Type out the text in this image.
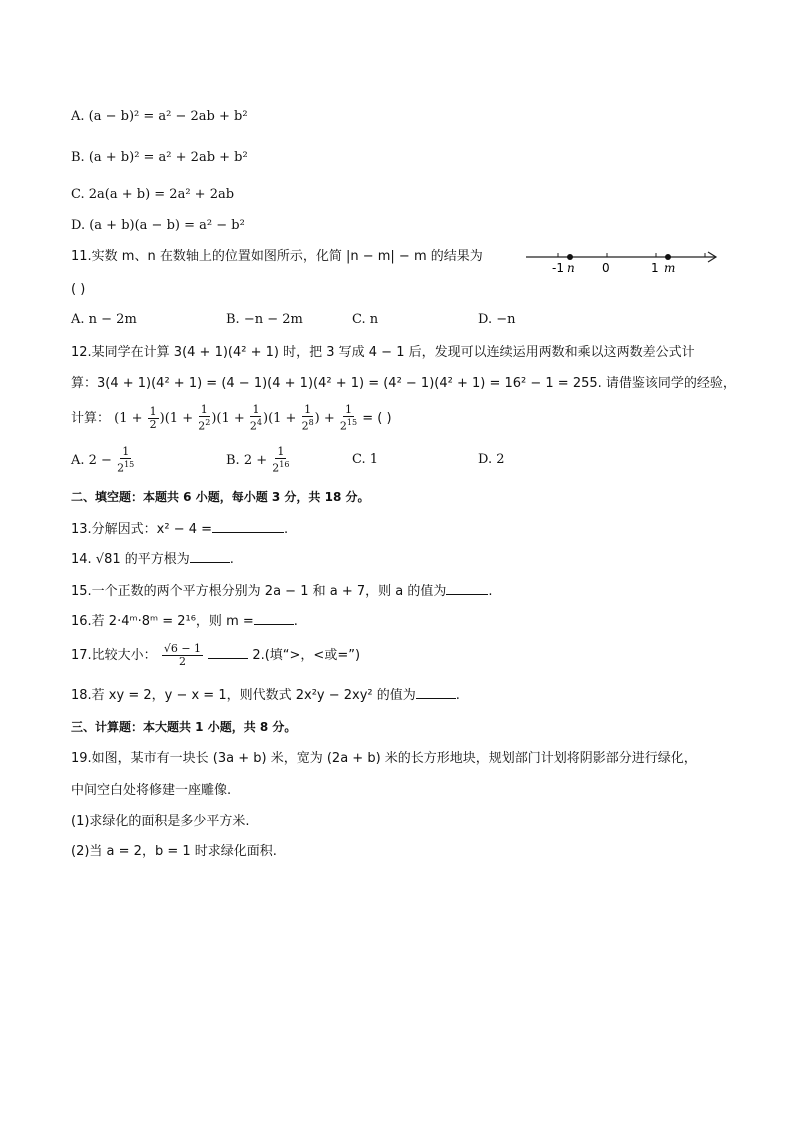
A. (a − b)² = a² − 2ab + b²
B. (a + b)² = a² + 2ab + b²
C. 2a(a + b) = 2a² + 2ab
D. (a + b)(a − b) = a² − b²
11.实数 m、n 在数轴上的位置如图所示，化简 |n − m| − m 的结果为
-1	0	1
n	m
( )
A. n − 2m	B. −n − 2m	C. n	D. −n
12.某同学在计算 3(4 + 1)(4² + 1) 时，把 3 写成 4 − 1 后，发现可以连续运用两数和乘以这两数差公式计
算：3(4 + 1)(4² + 1) = (4 − 1)(4 + 1)(4² + 1) = (4² − 1)(4² + 1) = 16² − 1 = 255. 请借鉴该同学的经验，
计算： $(1 + \frac{1}{2} )(1 + \frac{1}{2^2} )(1 + \frac{1}{2^4} )(1 + \frac{1}{2^8}$ ) + $\frac{1}{2^{15}}$ = ( )
A. $2 - \frac{1}{2^{15}}$	B. $2 + \frac{1}{2^{16}}$	C. 1	D. 2
二、填空题：本题共 6 小题，每小题 3 分，共 18 分。
13.分解因式：x² − 4 =	.
14. √81 的平方根为	.
15.一个正数的两个平方根分别为 2a − 1 和 a + 7，则 a 的值为	.
16.若 2·4ᵐ·8ᵐ = 2¹⁶，则 m =	.
17.比较大小： $\frac{√6 - 1}{2}$	2.(填“>，<或=”)
18.若 xy = 2，y − x = 1，则代数式 2x²y − 2xy² 的值为	.
三、计算题：本大题共 1 小题，共 8 分。
19.如图，某市有一块长 (3a + b) 米，宽为 (2a + b) 米的长方形地块，规划部门计划将阴影部分进行绿化，
中间空白处将修建一座雕像.
(1)求绿化的面积是多少平方米.
(2)当 a = 2，b = 1 时求绿化面积.
